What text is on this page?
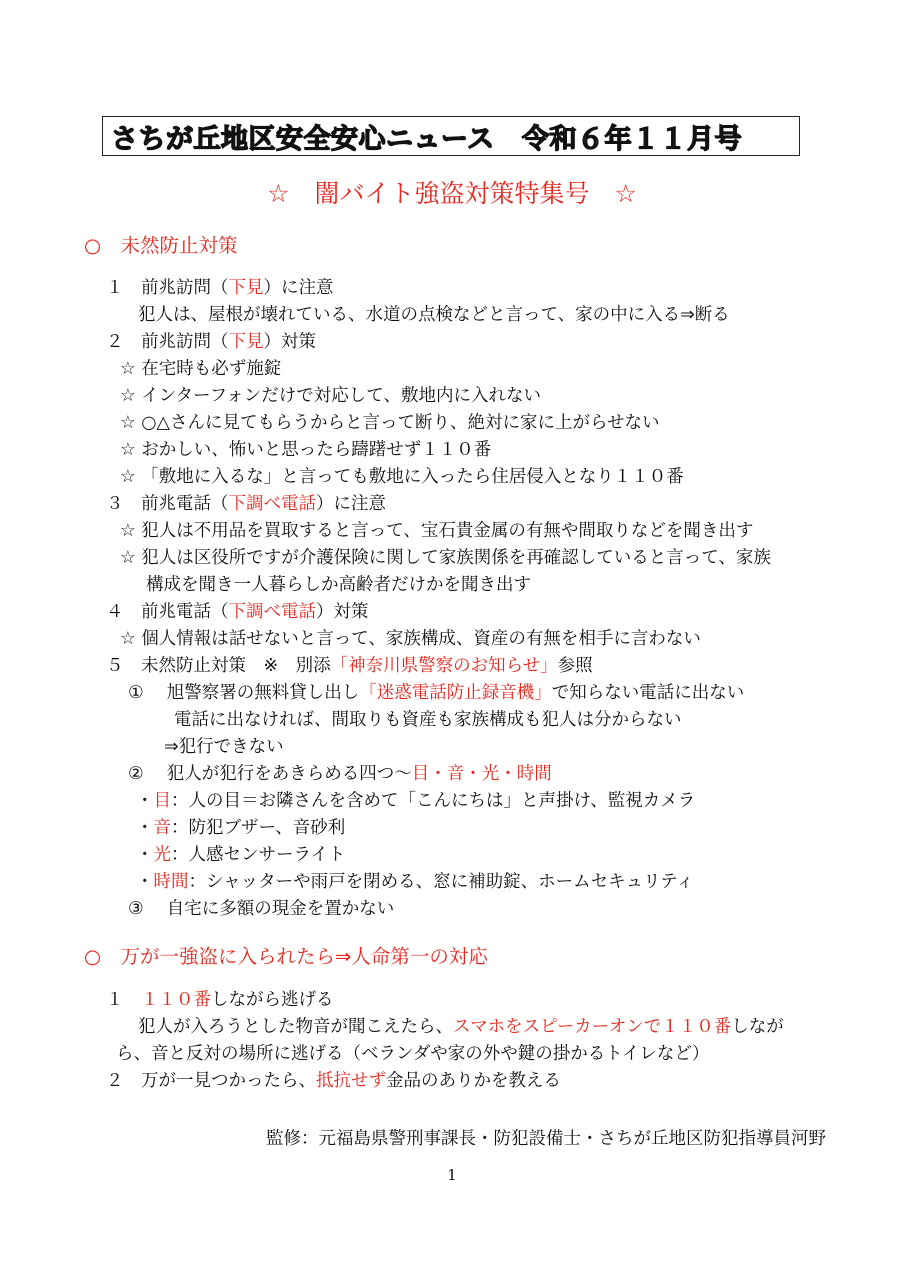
さちが丘地区安全安心ニュース　令和６年１１月号
☆　闇バイト強盗対策特集号　☆
○　未然防止対策
１　前兆訪問（下見）に注意
犯人は、屋根が壊れている、水道の点検などと言って、家の中に入る⇒断る
２　前兆訪問（下見）対策
☆ 在宅時も必ず施錠
☆ インターフォンだけで対応して、敷地内に入れない
☆ ○△さんに見てもらうからと言って断り、絶対に家に上がらせない
☆ おかしい、怖いと思ったら躊躇せず１１０番
☆ 「敷地に入るな」と言っても敷地に入ったら住居侵入となり１１０番
３　前兆電話（下調べ電話）に注意
☆ 犯人は不用品を買取すると言って、宝石貴金属の有無や間取りなどを聞き出す
☆ 犯人は区役所ですが介護保険に関して家族関係を再確認していると言って、家族
構成を聞き一人暮らしか高齢者だけかを聞き出す
４　前兆電話（下調べ電話）対策
☆ 個人情報は話せないと言って、家族構成、資産の有無を相手に言わない
５　未然防止対策　※　別添「神奈川県警察のお知らせ」参照
①　 旭警察署の無料貸し出し「迷惑電話防止録音機」で知らない電話に出ない
電話に出なければ、間取りも資産も家族構成も犯人は分からない
⇒犯行できない
②　 犯人が犯行をあきらめる四つ～目・音・光・時間
・目：人の目＝お隣さんを含めて「こんにちは」と声掛け、監視カメラ
・音：防犯ブザー、音砂利
・光：人感センサーライト
・時間：シャッターや雨戸を閉める、窓に補助錠、ホームセキュリティ
③　 自宅に多額の現金を置かない
○　万が一強盗に入られたら⇒人命第一の対応
１　１１０番しながら逃げる
犯人が入ろうとした物音が聞こえたら、スマホをスピーカーオンで１１０番しなが
ら、音と反対の場所に逃げる（ベランダや家の外や鍵の掛かるトイレなど）
２　万が一見つかったら、抵抗せず金品のありかを教える
監修：元福島県警刑事課長・防犯設備士・さちが丘地区防犯指導員河野
1
